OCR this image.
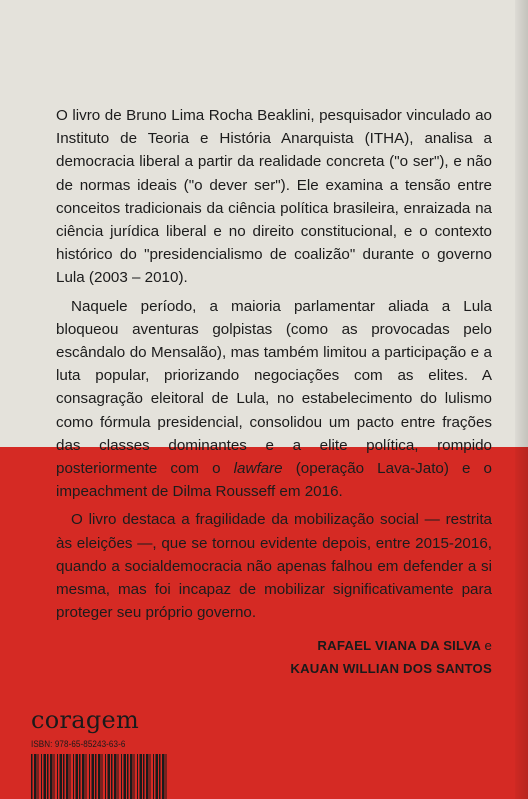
O livro de Bruno Lima Rocha Beaklini, pesquisador vinculado ao Instituto de Teoria e História Anarquista (ITHA), analisa a democracia liberal a partir da realidade concreta ("o ser"), e não de normas ideais ("o dever ser"). Ele examina a tensão entre conceitos tradicionais da ciência política brasileira, enraizada na ciência jurídica liberal e no direito constitucional, e o contexto histórico do "presidencialismo de coalizão" durante o governo Lula (2003 – 2010).

Naquele período, a maioria parlamentar aliada a Lula bloqueou aventuras golpistas (como as provocadas pelo escândalo do Mensalão), mas também limitou a participação e a luta popular, priorizando negociações com as elites. A consagração eleitoral de Lula, no estabelecimento do lulismo como fórmula presidencial, consolidou um pacto entre frações das classes dominantes e a elite política, rompido posteriormente com o lawfare (operação Lava-Jato) e o impeachment de Dilma Rousseff em 2016.

O livro destaca a fragilidade da mobilização social — restrita às eleições —, que se tornou evidente depois, entre 2015-2016, quando a socialdemocracia não apenas falhou em defender a si mesma, mas foi incapaz de mobilizar significativamente para proteger seu próprio governo.

RAFAEL VIANA DA SILVA e
KAUAN WILLIAN DOS SANTOS
coragem
ISBN: 978-65-85243-63-6
